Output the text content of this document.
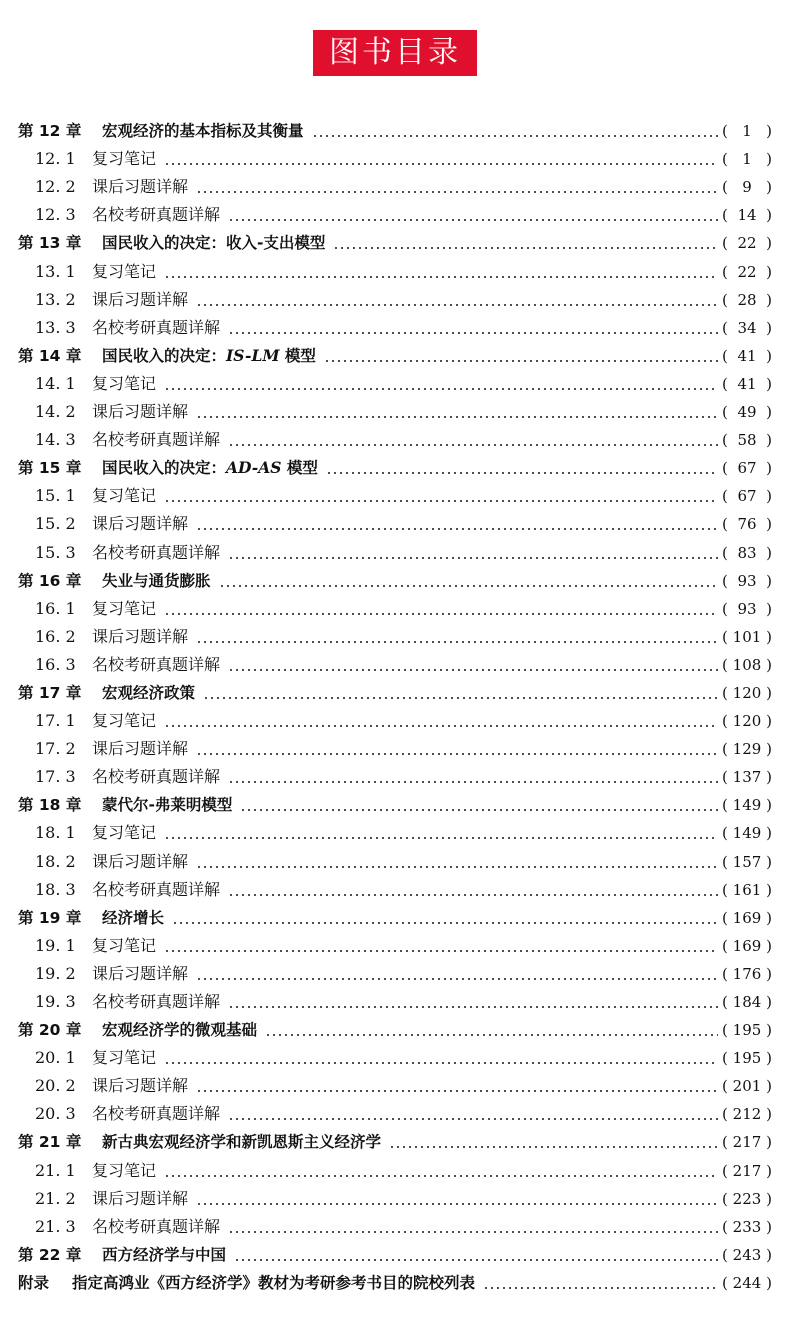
图书目录
第 12 章	宏观经济的基本指标及其衡量	( 1 )
12. 1	复习笔记	( 1 )
12. 2	课后习题详解	( 9 )
12. 3	名校考研真题详解	( 14 )
第 13 章	国民收入的决定：收入-支出模型	( 22 )
13. 1	复习笔记	( 22 )
13. 2	课后习题详解	( 28 )
13. 3	名校考研真题详解	( 34 )
第 14 章	国民收入的决定：IS-LM 模型	( 41 )
14. 1	复习笔记	( 41 )
14. 2	课后习题详解	( 49 )
14. 3	名校考研真题详解	( 58 )
第 15 章	国民收入的决定：AD-AS 模型	( 67 )
15. 1	复习笔记	( 67 )
15. 2	课后习题详解	( 76 )
15. 3	名校考研真题详解	( 83 )
第 16 章	失业与通货膨胀	( 93 )
16. 1	复习笔记	( 93 )
16. 2	课后习题详解	( 101 )
16. 3	名校考研真题详解	( 108 )
第 17 章	宏观经济政策	( 120 )
17. 1	复习笔记	( 120 )
17. 2	课后习题详解	( 129 )
17. 3	名校考研真题详解	( 137 )
第 18 章	蒙代尔-弗莱明模型	( 149 )
18. 1	复习笔记	( 149 )
18. 2	课后习题详解	( 157 )
18. 3	名校考研真题详解	( 161 )
第 19 章	经济增长	( 169 )
19. 1	复习笔记	( 169 )
19. 2	课后习题详解	( 176 )
19. 3	名校考研真题详解	( 184 )
第 20 章	宏观经济学的微观基础	( 195 )
20. 1	复习笔记	( 195 )
20. 2	课后习题详解	( 201 )
20. 3	名校考研真题详解	( 212 )
第 21 章	新古典宏观经济学和新凯恩斯主义经济学	( 217 )
21. 1	复习笔记	( 217 )
21. 2	课后习题详解	( 223 )
21. 3	名校考研真题详解	( 233 )
第 22 章	西方经济学与中国	( 243 )
附录	指定高鸿业《西方经济学》教材为考研参考书目的院校列表	( 244 )
